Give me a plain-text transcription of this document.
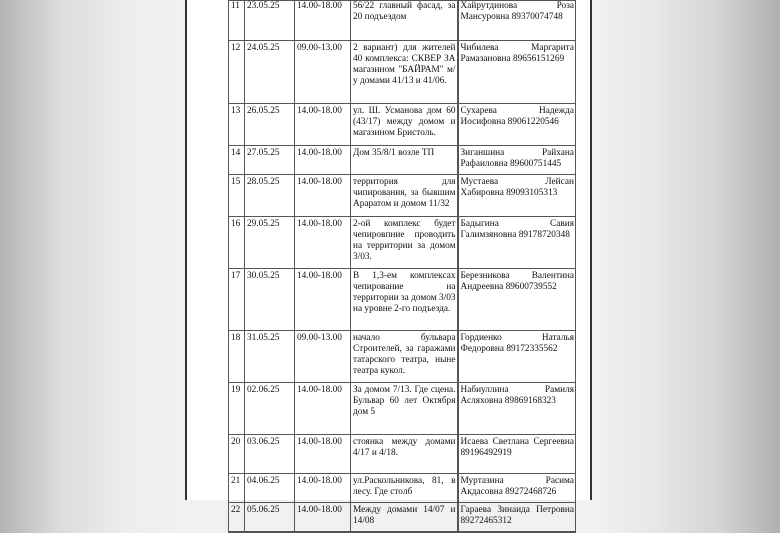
11	23.05.25	14.00-18.00	56/22 главный фасад, за 20 подъездом	Хайрутдинова Роза Мансуровна 89370074748
12	24.05.25	09.00-13.00	2 вариант) для жителей 40 комплекса: СКВЕР ЗА магазином "БАЙРАМ" м/у домами 41/13 и 41/06.	Чибилева Маргарита Рамазановна 89656151269
13	26.05.25	14.00-18.00	ул. Ш. Усманова дом 60 (43/17) между домом и магазином Бристоль.	Сухарева Надежда Иосифовна 89061220546
14	27.05.25	14.00-18.00	Дом 35/8/1 возле ТП	Зиганшина Райхана Рафаиловна 89600751445
15	28.05.25	14.00-18.00	территория для чипирования, за бывшим Араратом и домом 11/32	Мустаева Лейсан Хабировна 89093105313
16	29.05.25	14.00-18.00	2-ой комплекс будет чепировпние проводить на территории за домом 3/03.	Бадыгина Савия Галимзяновна 89178720348
17	30.05.25	14.00-18.00	В 1,3-ем комплексах чепирование на территории за домом 3/03 на уровне 2-го подъезда.	Березникова Валентина Андреевна 89600739552
18	31.05.25	09.00-13.00	начало бульвара Строителей, за гаражами татарского театра, ныне театра кукол.	Гордиенко Наталья Федоровна 89172335562
19	02.06.25	14.00-18.00	За домом 7/13. Где сцена. Бульвар 60 лет Октября дом 5	Набиуллина Рамиля Асляховна 89869168323
20	03.06.25	14.00-18.00	стоянка между домами 4/17 и 4/18.	Исаева Светлана Сергеевна 89196492919
21	04.06.25	14.00-18.00	ул.Раскольникова, 81, в лесу. Где столб	Муртазина Расима Акдасовна 89272468726
22	05.06.25	14.00-18.00	Между домами 14/07 и 14/08	Гараева Зинаида Петровна 89272465312
